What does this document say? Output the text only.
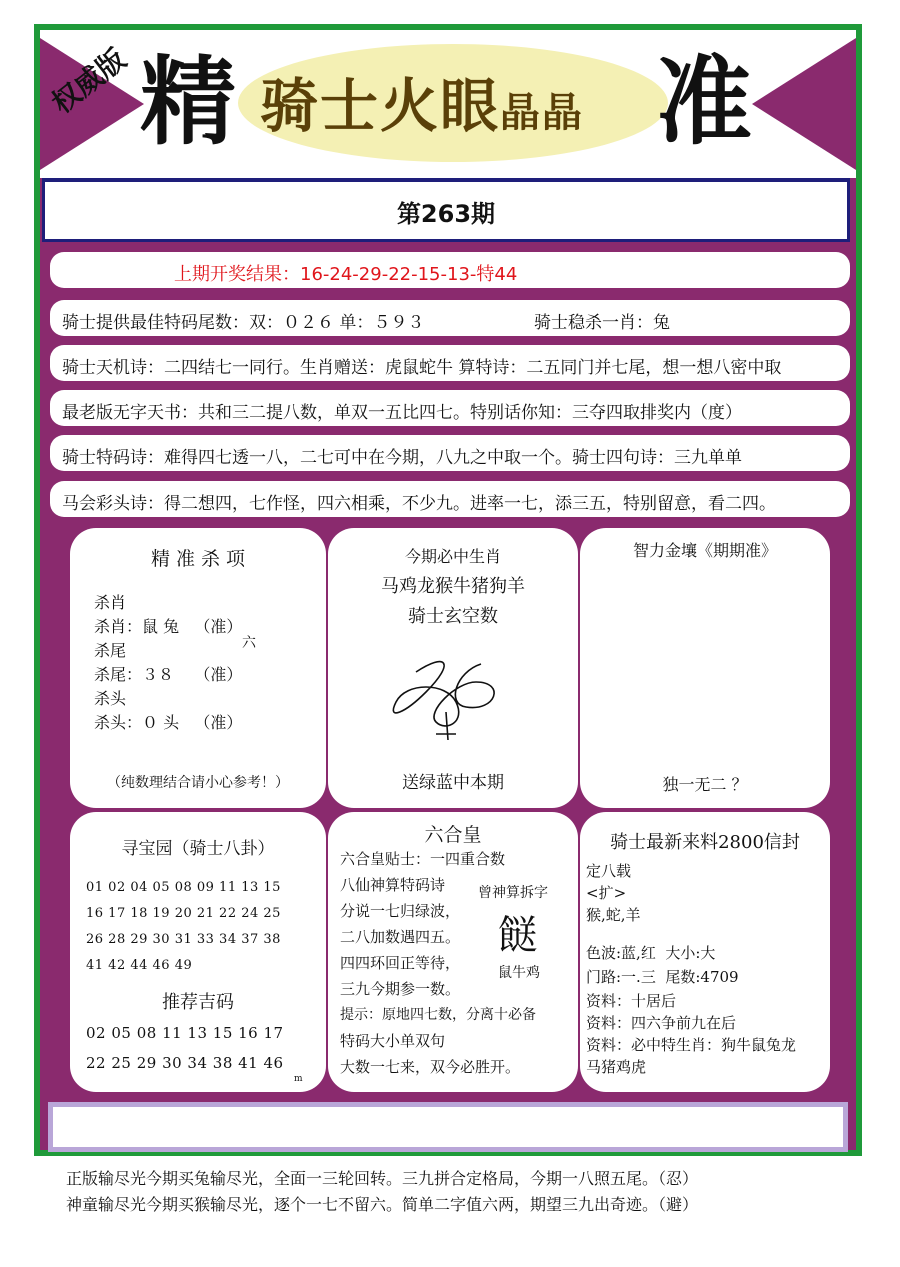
权威版 精 骑士火眼晶晶 准
第263期
上期开奖结果：16-24-29-22-15-13-特44
骑士提供最佳特码尾数：双：０２６ 单：５９３	骑士稳杀一肖：兔
骑士天机诗：二四结七一同行。生肖赠送：虎鼠蛇牛 算特诗：二五同门并七尾，想一想八密中取
最老版无字天书：共和三二提八数，单双一五比四七。特别话你知：三夺四取排奖内（度）
骑士特码诗：难得四七透一八，二七可中在今期，八九之中取一个。骑士四句诗：三九单单
马会彩头诗：得二想四，七作怪，四六相乘，不少九。进率一七，添三五，特别留意，看二四。
精 准 杀 项
杀肖
杀肖：鼠 兔   （准）
杀尾
杀尾：３８    （准）
杀头
杀头：０ 头   （准）
六
（纯数理结合请小心参考！）
今期必中生肖
马鸡龙猴牛猪狗羊
骑士玄空数
送绿蓝中本期
智力金壤《期期准》
独一无二 ？
寻宝园（骑士八卦）
01 02 04 05 08 09 11 13 15
16 17 18 19 20 21 22 24 25
26 28 29 30 31 33 34 37 38
41 42 44 46 49
推荐吉码
02 05 08 11 13 15 16 17
22 25 29 30 34 38 41 46
m
六合皇
六合皇贴士：一四重合数
八仙神算特码诗
分说一七归绿波，
二八加数遇四五。
四四环回正等待，
三九今期参一数。
曾神算拆字
餸
鼠牛鸡
提示：原地四七数，分离十必备
特码大小单双句
大数一七来，双今必胜开。
骑士最新来料2800信封
定八载
<扩>
猴,蛇,羊
色波:蓝,红  大小:大
门路:一.三  尾数:4709
资料：十居后
资料：四六争前九在后
资料：必中特生肖：狗牛鼠兔龙
马猪鸡虎
正版输尽光今期买兔输尽光，全面一三轮回转。三九拼合定格局，今期一八照五尾。（忍）
神童输尽光今期买猴输尽光，逐个一七不留六。简单二字值六两，期望三九出奇迹。（避）
